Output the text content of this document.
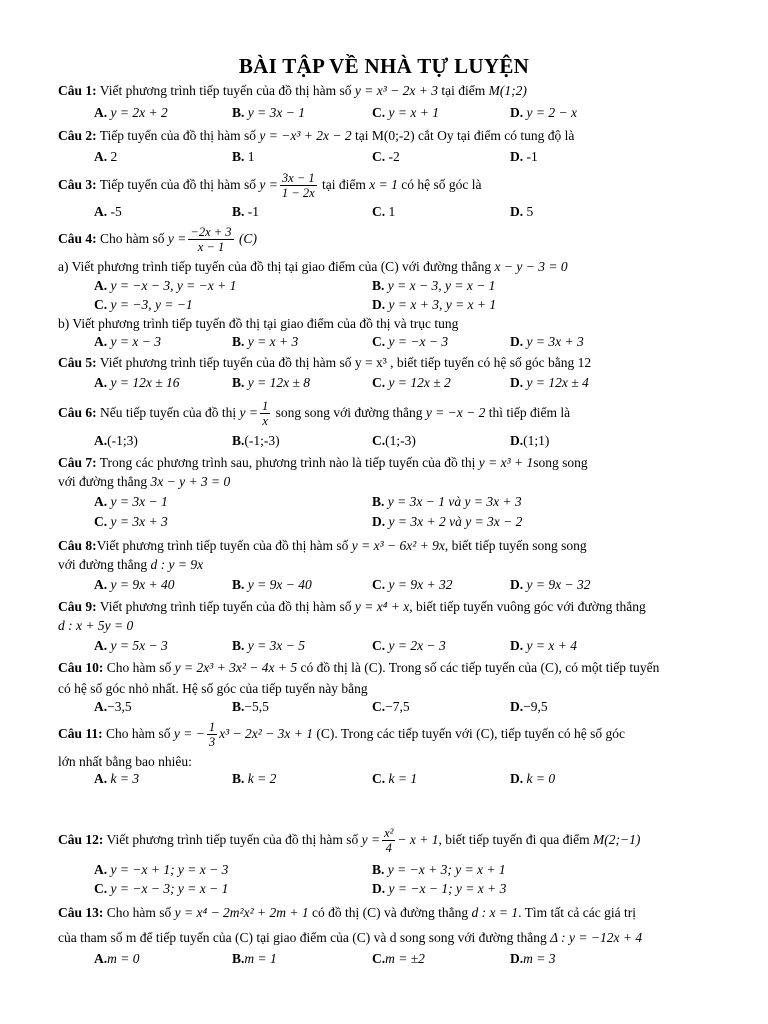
BÀI TẬP VỀ NHÀ TỰ LUYỆN
Câu 1: Viết phương trình tiếp tuyến của đồ thị hàm số y = x³ − 2x + 3 tại điểm M(1;2)
A. y = 2x + 2	B. y = 3x − 1	C. y = x + 1	D. y = 2 − x
Câu 2: Tiếp tuyến của đồ thị hàm số y = −x³ + 2x − 2 tại M(0;-2) cắt Oy tại điểm có tung độ là
A. 2	B. 1	C. -2	D. -1
Câu 3: Tiếp tuyến của đồ thị hàm số $y = \frac{3x - 1}{1 - 2x}$ tại điểm x = 1 có hệ số góc là
A. -5	B. -1	C. 1	D. 5
Câu 4: Cho hàm số $y = \frac{-2x + 3}{x - 1} (C)$
a) Viết phương trình tiếp tuyến của đồ thị tại giao điểm của (C) với đường thẳng x − y − 3 = 0
A. y = −x − 3, y = −x + 1	B. y = x − 3, y = x − 1
C. y = −3, y = −1	D. y = x + 3, y = x + 1
b) Viết phương trình tiếp tuyến đồ thị tại giao điểm của đồ thị và trục tung
A. y = x − 3	B. y = x + 3	C. y = −x − 3	D. y = 3x + 3
Câu 5: Viết phương trình tiếp tuyến của đồ thị hàm số y = x³ , biết tiếp tuyến có hệ số góc bằng 12
A. y = 12x ± 16	B. y = 12x ± 8	C. y = 12x ± 2	D. y = 12x ± 4
Câu 6: Nếu tiếp tuyến của đồ thị $y = \frac{1}{x}$ song song với đường thẳng y = −x − 2 thì tiếp điểm là
A.(-1;3)	B.(-1;-3)	C.(1;-3)	D.(1;1)
Câu 7: Trong các phương trình sau, phương trình nào là tiếp tuyến của đồ thị y = x³ + 1song song
với đường thẳng 3x − y + 3 = 0
A. y = 3x − 1	B. y = 3x − 1 và y = 3x + 3
C. y = 3x + 3	D. y = 3x + 2 và y = 3x − 2
Câu 8:Viết phương trình tiếp tuyến của đồ thị hàm số y = x³ − 6x² + 9x, biết tiếp tuyến song song
với đường thẳng d : y = 9x
A. y = 9x + 40	B. y = 9x − 40	C. y = 9x + 32	D. y = 9x − 32
Câu 9: Viết phương trình tiếp tuyến của đồ thị hàm số y = x⁴ + x, biết tiếp tuyến vuông góc với đường thẳng
d : x + 5y = 0
A. y = 5x − 3	B. y = 3x − 5	C. y = 2x − 3	D. y = x + 4
Câu 10: Cho hàm số y = 2x³ + 3x² − 4x + 5 có đồ thị là (C). Trong số các tiếp tuyến của (C), có một tiếp tuyến
có hệ số góc nhỏ nhất. Hệ số góc của tiếp tuyến này bằng
A.−3,5	B.−5,5	C.−7,5	D.−9,5
Câu 11: Cho hàm số y = − $\frac{1}{3} x^3 - 2x^2 - 3x + 1$ (C). Trong các tiếp tuyến với (C), tiếp tuyến có hệ số góc
lớn nhất bằng bao nhiêu:
A. k = 3	B. k = 2	C. k = 1	D. k = 0
Câu 12: Viết phương trình tiếp tuyến của đồ thị hàm số $y = \frac{\text{x²}}{4} - x + 1$, biết tiếp tuyến đi qua điểm M(2;−1)
A. y = −x + 1; y = x − 3	B. y = −x + 3; y = x + 1
C. y = −x − 3; y = x − 1	D. y = −x − 1; y = x + 3
Câu 13: Cho hàm số y = x⁴ − 2m²x² + 2m + 1 có đồ thị (C) và đường thẳng d : x = 1. Tìm tất cả các giá trị
của tham số m để tiếp tuyến của (C) tại giao điểm của (C) và d song song với đường thẳng Δ : y = −12x + 4
A.m = 0	B.m = 1	C.m = ±2	D.m = 3
